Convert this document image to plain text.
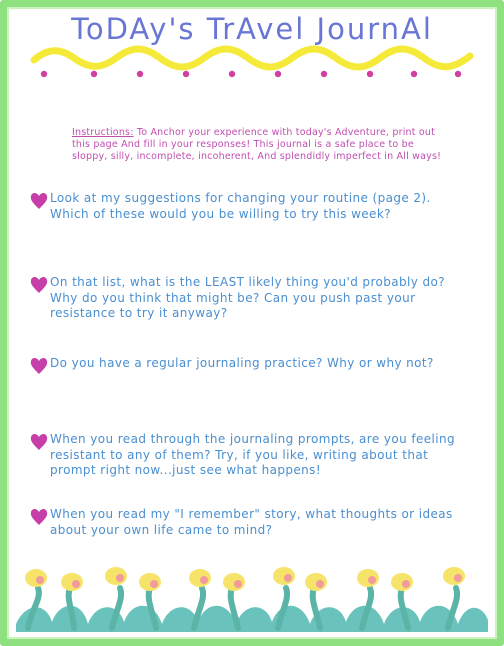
ToDAy's TrAvel JournAl
Instructions: To Anchor your experience with today's Adventure, print out this page And fill in your responses! This journal is a safe place to be sloppy, silly, incomplete, incoherent, And splendidly imperfect in All ways!
Look at my suggestions for changing your routine (page 2). Which of these would you be willing to try this week?
On that list, what is the LEAST likely thing you'd probably do? Why do you think that might be? Can you push past your resistance to try it anyway?
Do you have a regular journaling practice? Why or why not?
When you read through the journaling prompts, are you feeling resistant to any of them? Try, if you like, writing about that prompt right now...just see what happens!
When you read my "I remember" story, what thoughts or ideas about your own life came to mind?
